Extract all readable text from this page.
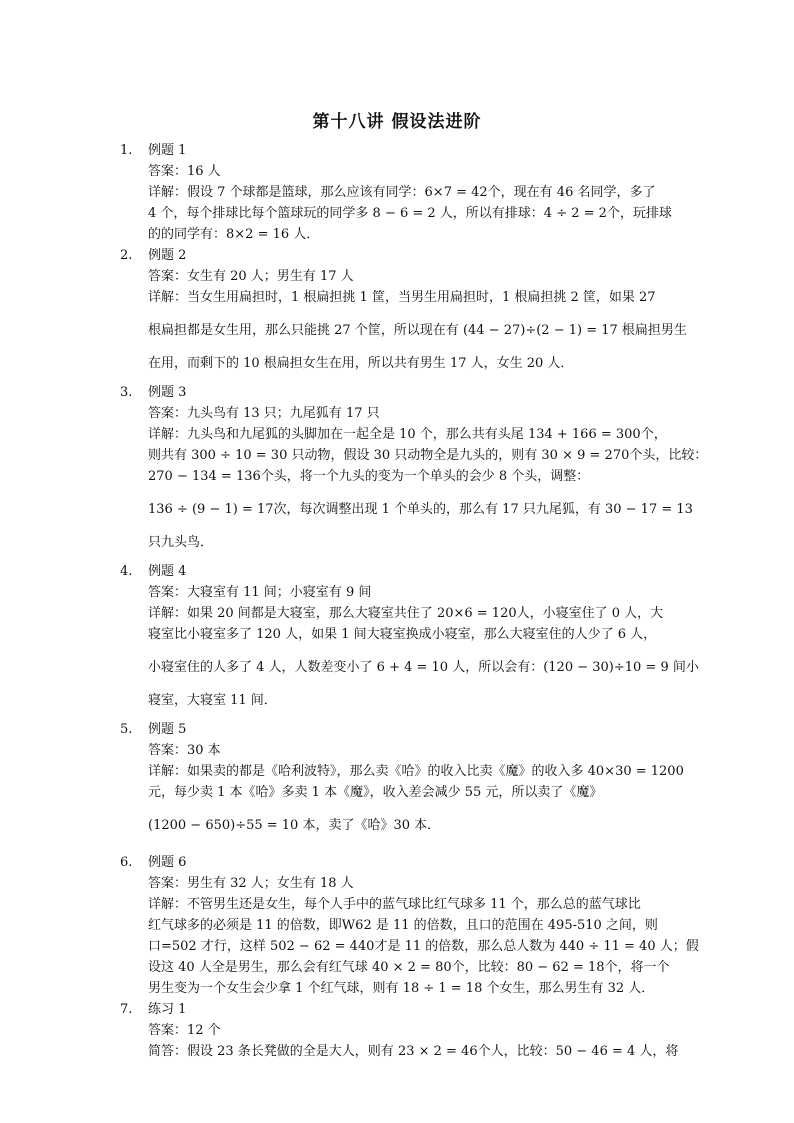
第十八讲 假设法进阶
1.	例题 1
答案：16 人
详解：假设 7 个球都是篮球，那么应该有同学：6×7 = 42个，现在有 46 名同学，多了
4 个，每个排球比每个篮球玩的同学多 8 − 6 = 2 人，所以有排球：4 ÷ 2 = 2个，玩排球
的的同学有：8×2 = 16 人．
2.	例题 2
答案：女生有 20 人；男生有 17 人
详解：当女生用扁担时，1 根扁担挑 1 筐，当男生用扁担时，1 根扁担挑 2 筐，如果 27
根扁担都是女生用，那么只能挑 27 个筐，所以现在有 (44 − 27)÷(2 − 1) = 17 根扁担男生
在用，而剩下的 10 根扁担女生在用，所以共有男生 17 人，女生 20 人．
3.	例题 3
答案：九头鸟有 13 只；九尾狐有 17 只
详解：九头鸟和九尾狐的头脚加在一起全是 10 个，那么共有头尾 134 + 166 = 300个，
则共有 300 ÷ 10 = 30 只动物，假设 30 只动物全是九头的，则有 30 × 9 = 270个头，比较：
270 − 134 = 136个头，将一个九头的变为一个单头的会少 8 个头，调整：
136 ÷ (9 − 1) = 17次，每次调整出现 1 个单头的，那么有 17 只九尾狐，有 30 − 17 = 13
只九头鸟．
4.	例题 4
答案：大寝室有 11 间；小寝室有 9 间
详解：如果 20 间都是大寝室，那么大寝室共住了 20×6 = 120人，小寝室住了 0 人，大
寝室比小寝室多了 120 人，如果 1 间大寝室换成小寝室，那么大寝室住的人少了 6 人，
小寝室住的人多了 4 人，人数差变小了 6 + 4 = 10 人，所以会有：(120 − 30)÷10 = 9 间小
寝室，大寝室 11 间．
5.	例题 5
答案：30 本
详解：如果卖的都是《哈利波特》，那么卖《哈》的收入比卖《魔》的收入多 40×30 = 1200
元，每少卖 1 本《哈》多卖 1 本《魔》，收入差会减少 55 元，所以卖了《魔》
(1200 − 650)÷55 = 10 本，卖了《哈》30 本．
6.	例题 6
答案：男生有 32 人；女生有 18 人
详解：不管男生还是女生，每个人手中的蓝气球比红气球多 11 个，那么总的蓝气球比
红气球多的必须是 11 的倍数，即W62 是 11 的倍数，且口的范围在 495-510 之间，则
口=502 才行，这样 502 − 62 = 440才是 11 的倍数，那么总人数为 440 ÷ 11 = 40 人；假
设这 40 人全是男生，那么会有红气球 40 × 2 = 80个，比较：80 − 62 = 18个，将一个
男生变为一个女生会少拿 1 个红气球，则有 18 ÷ 1 = 18 个女生，那么男生有 32 人．
7.	练习 1
答案：12 个
简答：假设 23 条长凳做的全是大人，则有 23 × 2 = 46个人，比较：50 − 46 = 4 人，将
